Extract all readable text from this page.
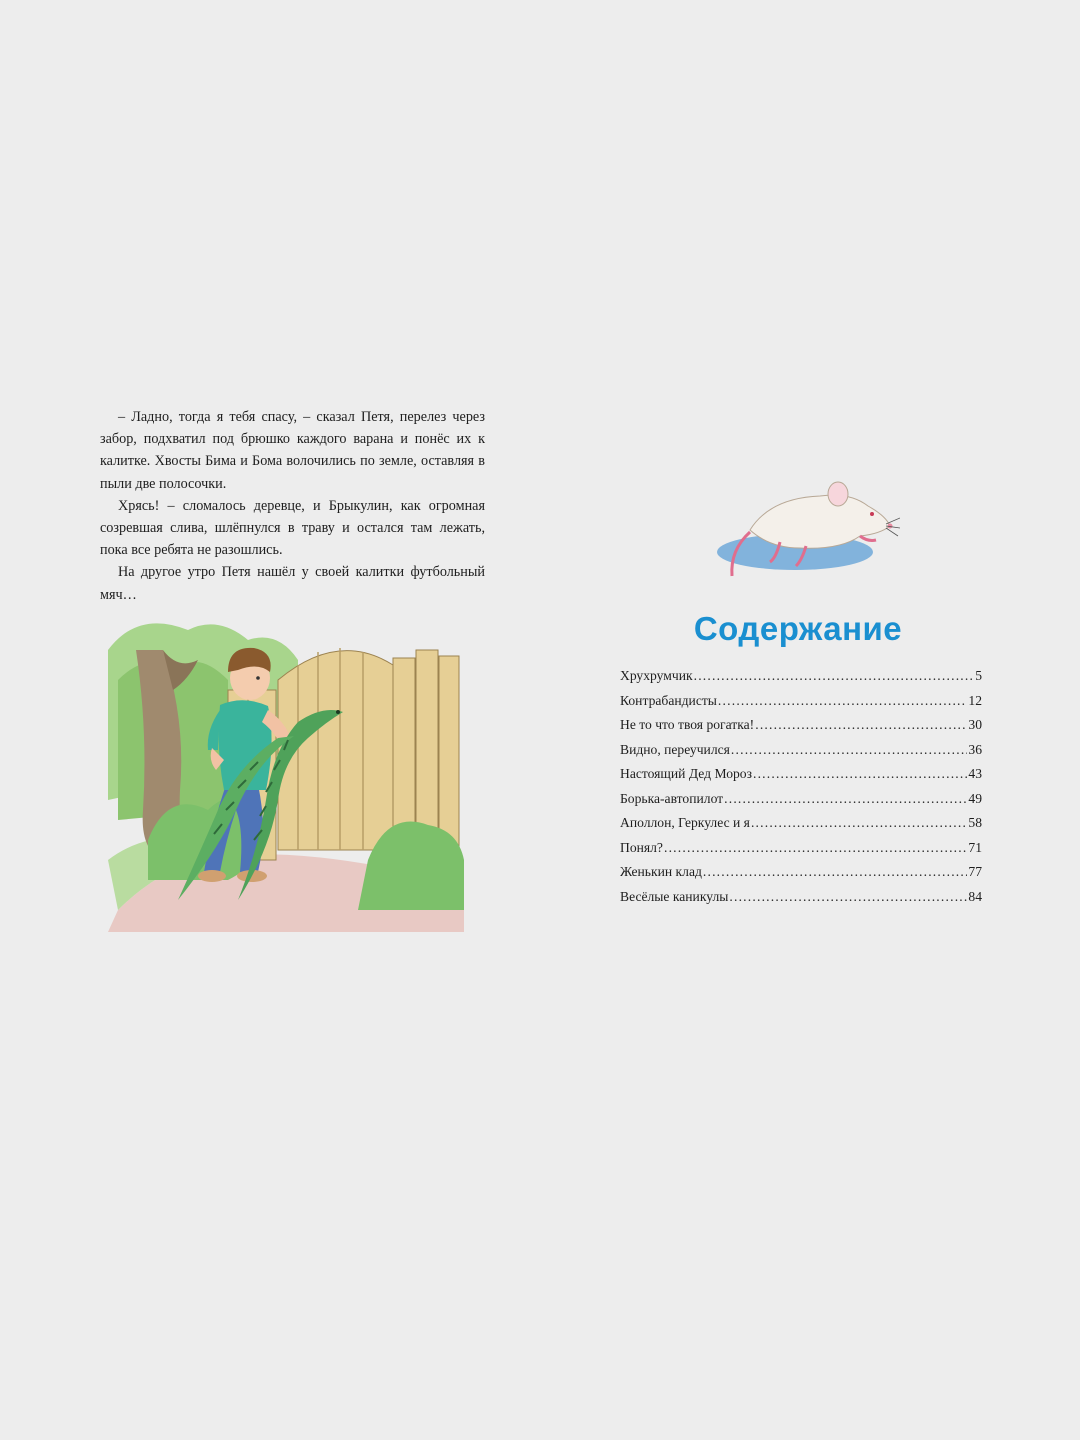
– Ладно, тогда я тебя спасу, – сказал Петя, перелез через забор, подхватил под брюшко каждого варана и понёс их к калитке. Хвосты Бима и Бома волочились по земле, оставляя в пыли две полосочки.

Хрясь! – сломалось деревце, и Брыкулин, как огромная созревшая слива, шлёпнулся в траву и остался там лежать, пока все ребята не разошлись.

На другое утро Петя нашёл у своей калитки футбольный мяч…

Содержание
Хрухрумчик .....	5
Контрабандисты .....	12
Не то что твоя рогатка! .....	30
Видно, переучился .....	36
Настоящий Дед Мороз .....	43
Борька-автопилот .....	49
Аполлон, Геркулес и я .....	58
Понял? .....	71
Женькин клад .....	77
Весёлые каникулы .....	84
